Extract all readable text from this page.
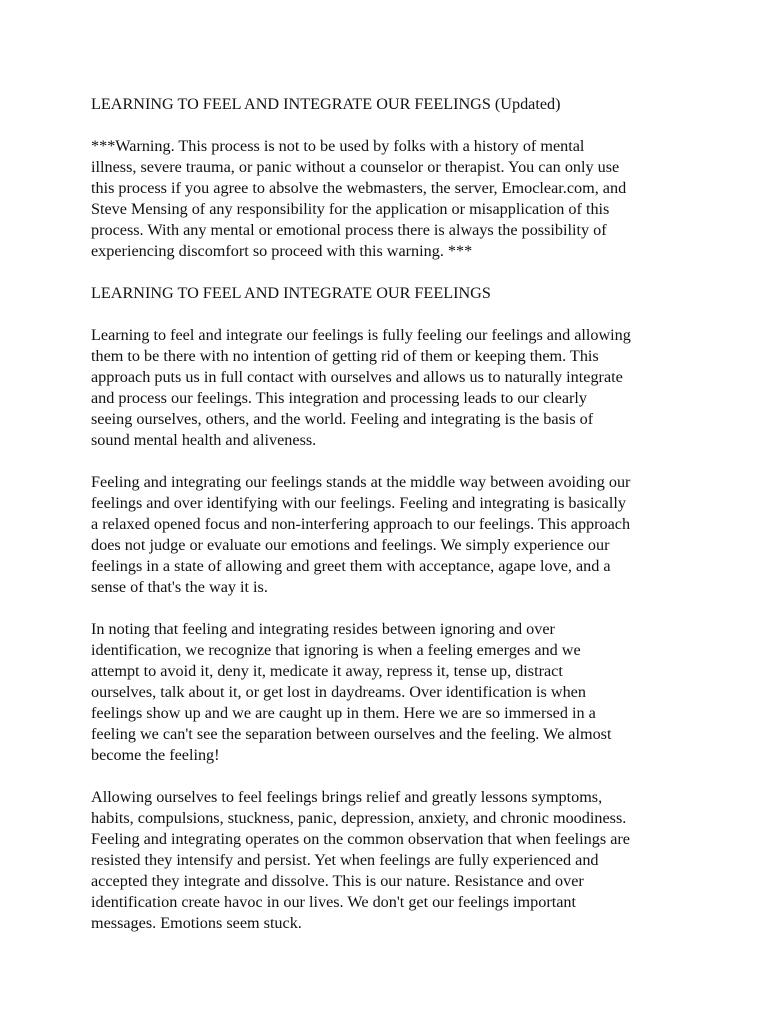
LEARNING TO FEEL AND INTEGRATE OUR FEELINGS (Updated)
***Warning. This process is not to be used by folks with a history of mental
illness, severe trauma, or panic without a counselor or therapist. You can only use
this process if you agree to absolve the webmasters, the server, Emoclear.com, and
Steve Mensing of any responsibility for the application or misapplication of this
process. With any mental or emotional process there is always the possibility of
experiencing discomfort so proceed with this warning. ***
LEARNING TO FEEL AND INTEGRATE OUR FEELINGS
Learning to feel and integrate our feelings is fully feeling our feelings and allowing
them to be there with no intention of getting rid of them or keeping them. This
approach puts us in full contact with ourselves and allows us to naturally integrate
and process our feelings. This integration and processing leads to our clearly
seeing ourselves, others, and the world. Feeling and integrating is the basis of
sound mental health and aliveness.
Feeling and integrating our feelings stands at the middle way between avoiding our
feelings and over identifying with our feelings. Feeling and integrating is basically
a relaxed opened focus and non-interfering approach to our feelings. This approach
does not judge or evaluate our emotions and feelings. We simply experience our
feelings in a state of allowing and greet them with acceptance, agape love, and a
sense of that's the way it is.
In noting that feeling and integrating resides between ignoring and over
identification, we recognize that ignoring is when a feeling emerges and we
attempt to avoid it, deny it, medicate it away, repress it, tense up, distract
ourselves, talk about it, or get lost in daydreams. Over identification is when
feelings show up and we are caught up in them. Here we are so immersed in a
feeling we can't see the separation between ourselves and the feeling. We almost
become the feeling!
Allowing ourselves to feel feelings brings relief and greatly lessons symptoms,
habits, compulsions, stuckness, panic, depression, anxiety, and chronic moodiness.
Feeling and integrating operates on the common observation that when feelings are
resisted they intensify and persist. Yet when feelings are fully experienced and
accepted they integrate and dissolve. This is our nature. Resistance and over
identification create havoc in our lives. We don't get our feelings important
messages. Emotions seem stuck.
